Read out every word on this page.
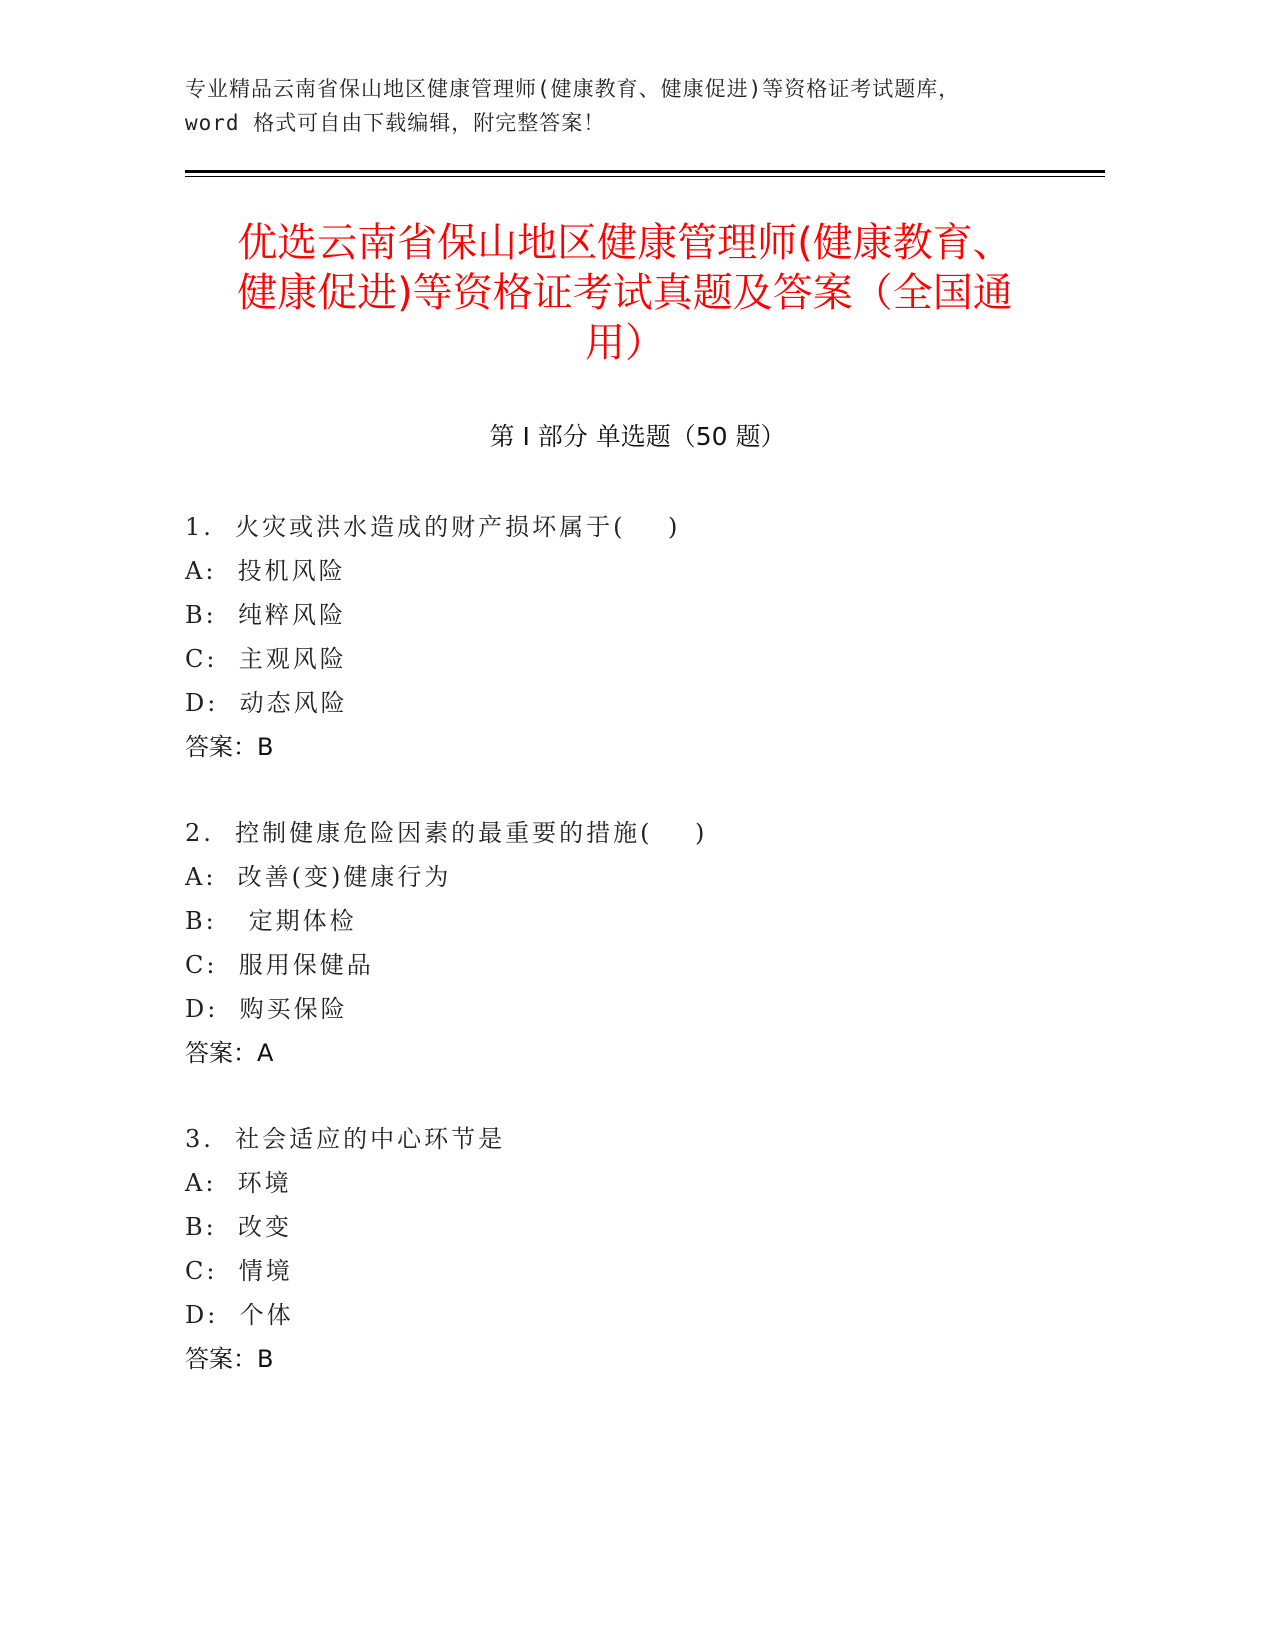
专业精品云南省保山地区健康管理师(健康教育、健康促进)等资格证考试题库，
word 格式可自由下载编辑，附完整答案！
优选云南省保山地区健康管理师(健康教育、
健康促进)等资格证考试真题及答案（全国通
用）
第 I 部分 单选题（50 题）
1.  火灾或洪水造成的财产损坏属于(    )
A:  投机风险
B:  纯粹风险
C:  主观风险
D:  动态风险
答案：B
2.  控制健康危险因素的最重要的措施(    )
A:  改善(变)健康行为
B:   定期体检
C:  服用保健品
D:  购买保险
答案：A
3.  社会适应的中心环节是
A:  环境
B:  改变
C:  情境
D:  个体
答案：B
